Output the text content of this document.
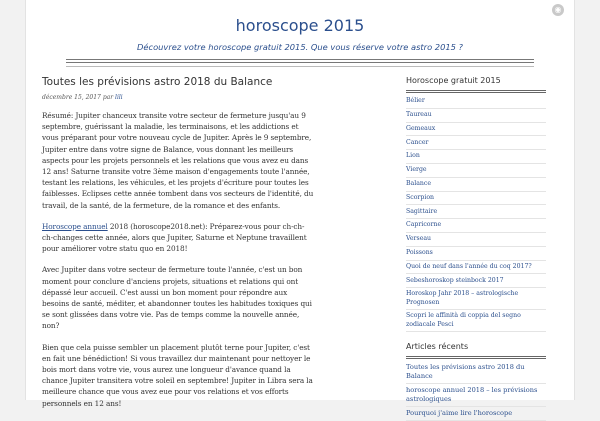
◉
horoscope 2015
Découvrez votre horoscope gratuit 2015. Que vous réserve votre astro 2015 ?
Toutes les prévisions astro 2018 du Balance
décembre 15, 2017 par lili

Résumé: Jupiter chanceux transite votre secteur de fermeture jusqu'au 9 septembre, guérissant la maladie, les terminaisons, et les addictions et vous préparant pour votre nouveau cycle de Jupiter. Après le 9 septembre, Jupiter entre dans votre signe de Balance, vous donnant les meilleurs aspects pour les projets personnels et les relations que vous avez eu dans 12 ans! Saturne transite votre 3ème maison d'engagements toute l'année, testant les relations, les véhicules, et les projets d'écriture pour toutes les faiblesses. Eclipses cette année tombent dans vos secteurs de l'identité, du travail, de la santé, de la fermeture, de la romance et des enfants.

Horoscope annuel 2018 (horoscope2018.net): Préparez-vous pour ch-ch-ch-changes cette année, alors que Jupiter, Saturne et Neptune travaillent pour améliorer votre statu quo en 2018!

Avec Jupiter dans votre secteur de fermeture toute l'année, c'est un bon moment pour conclure d'anciens projets, situations et relations qui ont dépassé leur accueil. C'est aussi un bon moment pour répondre aux besoins de santé, méditer, et abandonner toutes les habitudes toxiques qui se sont glissées dans votre vie. Pas de temps comme la nouvelle année, non?

Bien que cela puisse sembler un placement plutôt terne pour Jupiter, c'est en fait une bénédiction! Si vous travaillez dur maintenant pour nettoyer le bois mort dans votre vie, vous aurez une longueur d'avance quand la chance Jupiter transitera votre soleil en septembre! Jupiter in Libra sera la meilleure chance que vous avez eue pour vos relations et vos efforts personnels en 12 ans!

Horoscope gratuit 2015
Bélier
Taureau
Gemeaux
Cancer
Lion
Vierge
Balance
Scorpion
Sagittaire
Capricorne
Verseau
Poissons
Quoi de neuf dans l'année du coq 2017?
Sebeshoroskop steinbock 2017
Horoskop Jahr 2018 – astrologische Prognosen
Scopri le affinità di coppia del segno zodiacale Pesci
Articles récents
Toutes les prévisions astro 2018 du Balance
horoscope annuel 2018 – les prévisions astrologiques
Pourquoi j'aime lire l'horoscope
